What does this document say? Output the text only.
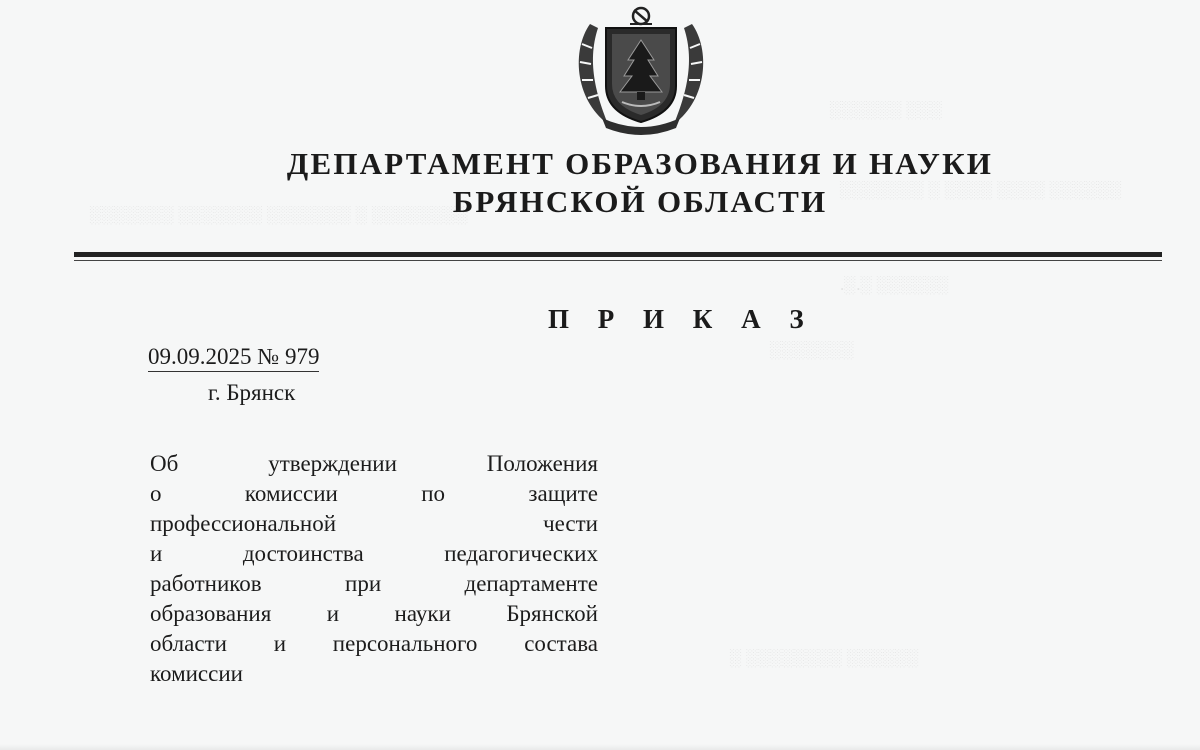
░░░ ░░░░░░
░░░░░░ ░░░░ ░░░░ ░ ░░░░░░░
░░░░░░░░ ░ ░░░░░░░ ░░░░░░░ ░░░░░░░
░░░░░░ ░.░.
░░░░░░░
░░░░░░ ░░░░░░░░ ░
ДЕПАРТАМЕНТ ОБРАЗОВАНИЯ И НАУКИ
БРЯНСКОЙ ОБЛАСТИ
П Р И К А З
09.09.2025 № 979
г. Брянск
Об	утверждении	Положения
о	комиссии	по	защите
профессиональной	чести
и	достоинства	педагогических
работников	при	департаменте
образования и науки Брянской
области и персонального состава
комиссии
